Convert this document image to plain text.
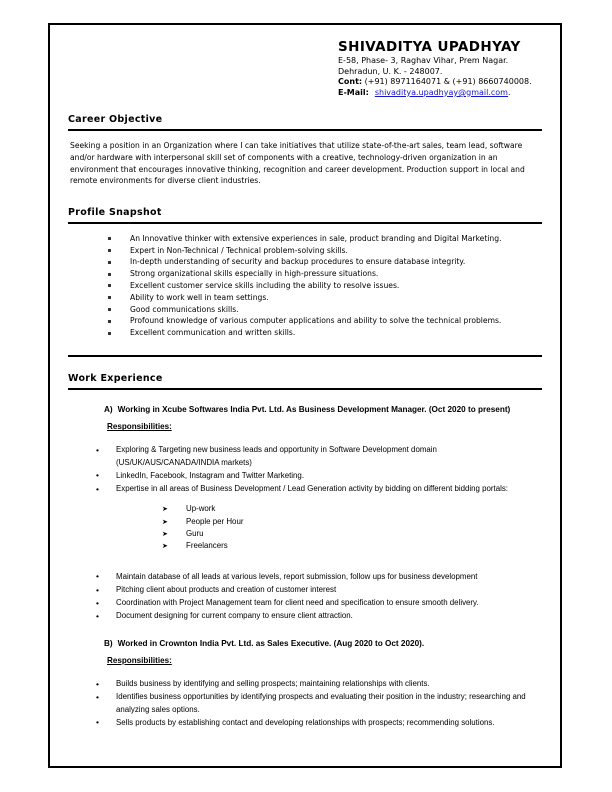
SHIVADITYA UPADHYAY
E-58, Phase- 3, Raghav Vihar, Prem Nagar.
Dehradun, U. K. - 248007.
Cont: (+91) 8971164071 & (+91) 8660740008.
E-Mail: shivaditya.upadhyay@gmail.com.
Career Objective

Seeking a position in an Organization where I can take initiatives that utilize state-of-the-art sales, team lead, software and/or hardware with interpersonal skill set of components with a creative, technology-driven organization in an environment that encourages innovative thinking, recognition and career development. Production support in local and remote environments for diverse client industries.

Profile Snapshot
An Innovative thinker with extensive experiences in sale, product branding and Digital Marketing.
Expert in Non-Technical / Technical problem-solving skills.
In-depth understanding of security and backup procedures to ensure database integrity.
Strong organizational skills especially in high-pressure situations.
Excellent customer service skills including the ability to resolve issues.
Ability to work well in team settings.
Good communications skills.
Profound knowledge of various computer applications and ability to solve the technical problems.
Excellent communication and written skills.
Work Experience
A) Working in Xcube Softwares India Pvt. Ltd. As Business Development Manager. (Oct 2020 to present)
Responsibilities:
• Exploring & Targeting new business leads and opportunity in Software Development domain (US/UK/AUS/CANADA/INDIA markets)
• LinkedIn, Facebook, Instagram and Twitter Marketing.
• Expertise in all areas of Business Development / Lead Generation activity by bidding on different bidding portals:
➤ Up-work
➤ People per Hour
➤ Guru
➤ Freelancers
• Maintain database of all leads at various levels, report submission, follow ups for business development
• Pitching client about products and creation of customer interest
• Coordination with Project Management team for client need and specification to ensure smooth delivery.
• Document designing for current company to ensure client attraction.
B) Worked in Crownton India Pvt. Ltd. as Sales Executive. (Aug 2020 to Oct 2020).
Responsibilities:
• Builds business by identifying and selling prospects; maintaining relationships with clients.
• Identifies business opportunities by identifying prospects and evaluating their position in the industry; researching and analyzing sales options.
• Sells products by establishing contact and developing relationships with prospects; recommending solutions.
